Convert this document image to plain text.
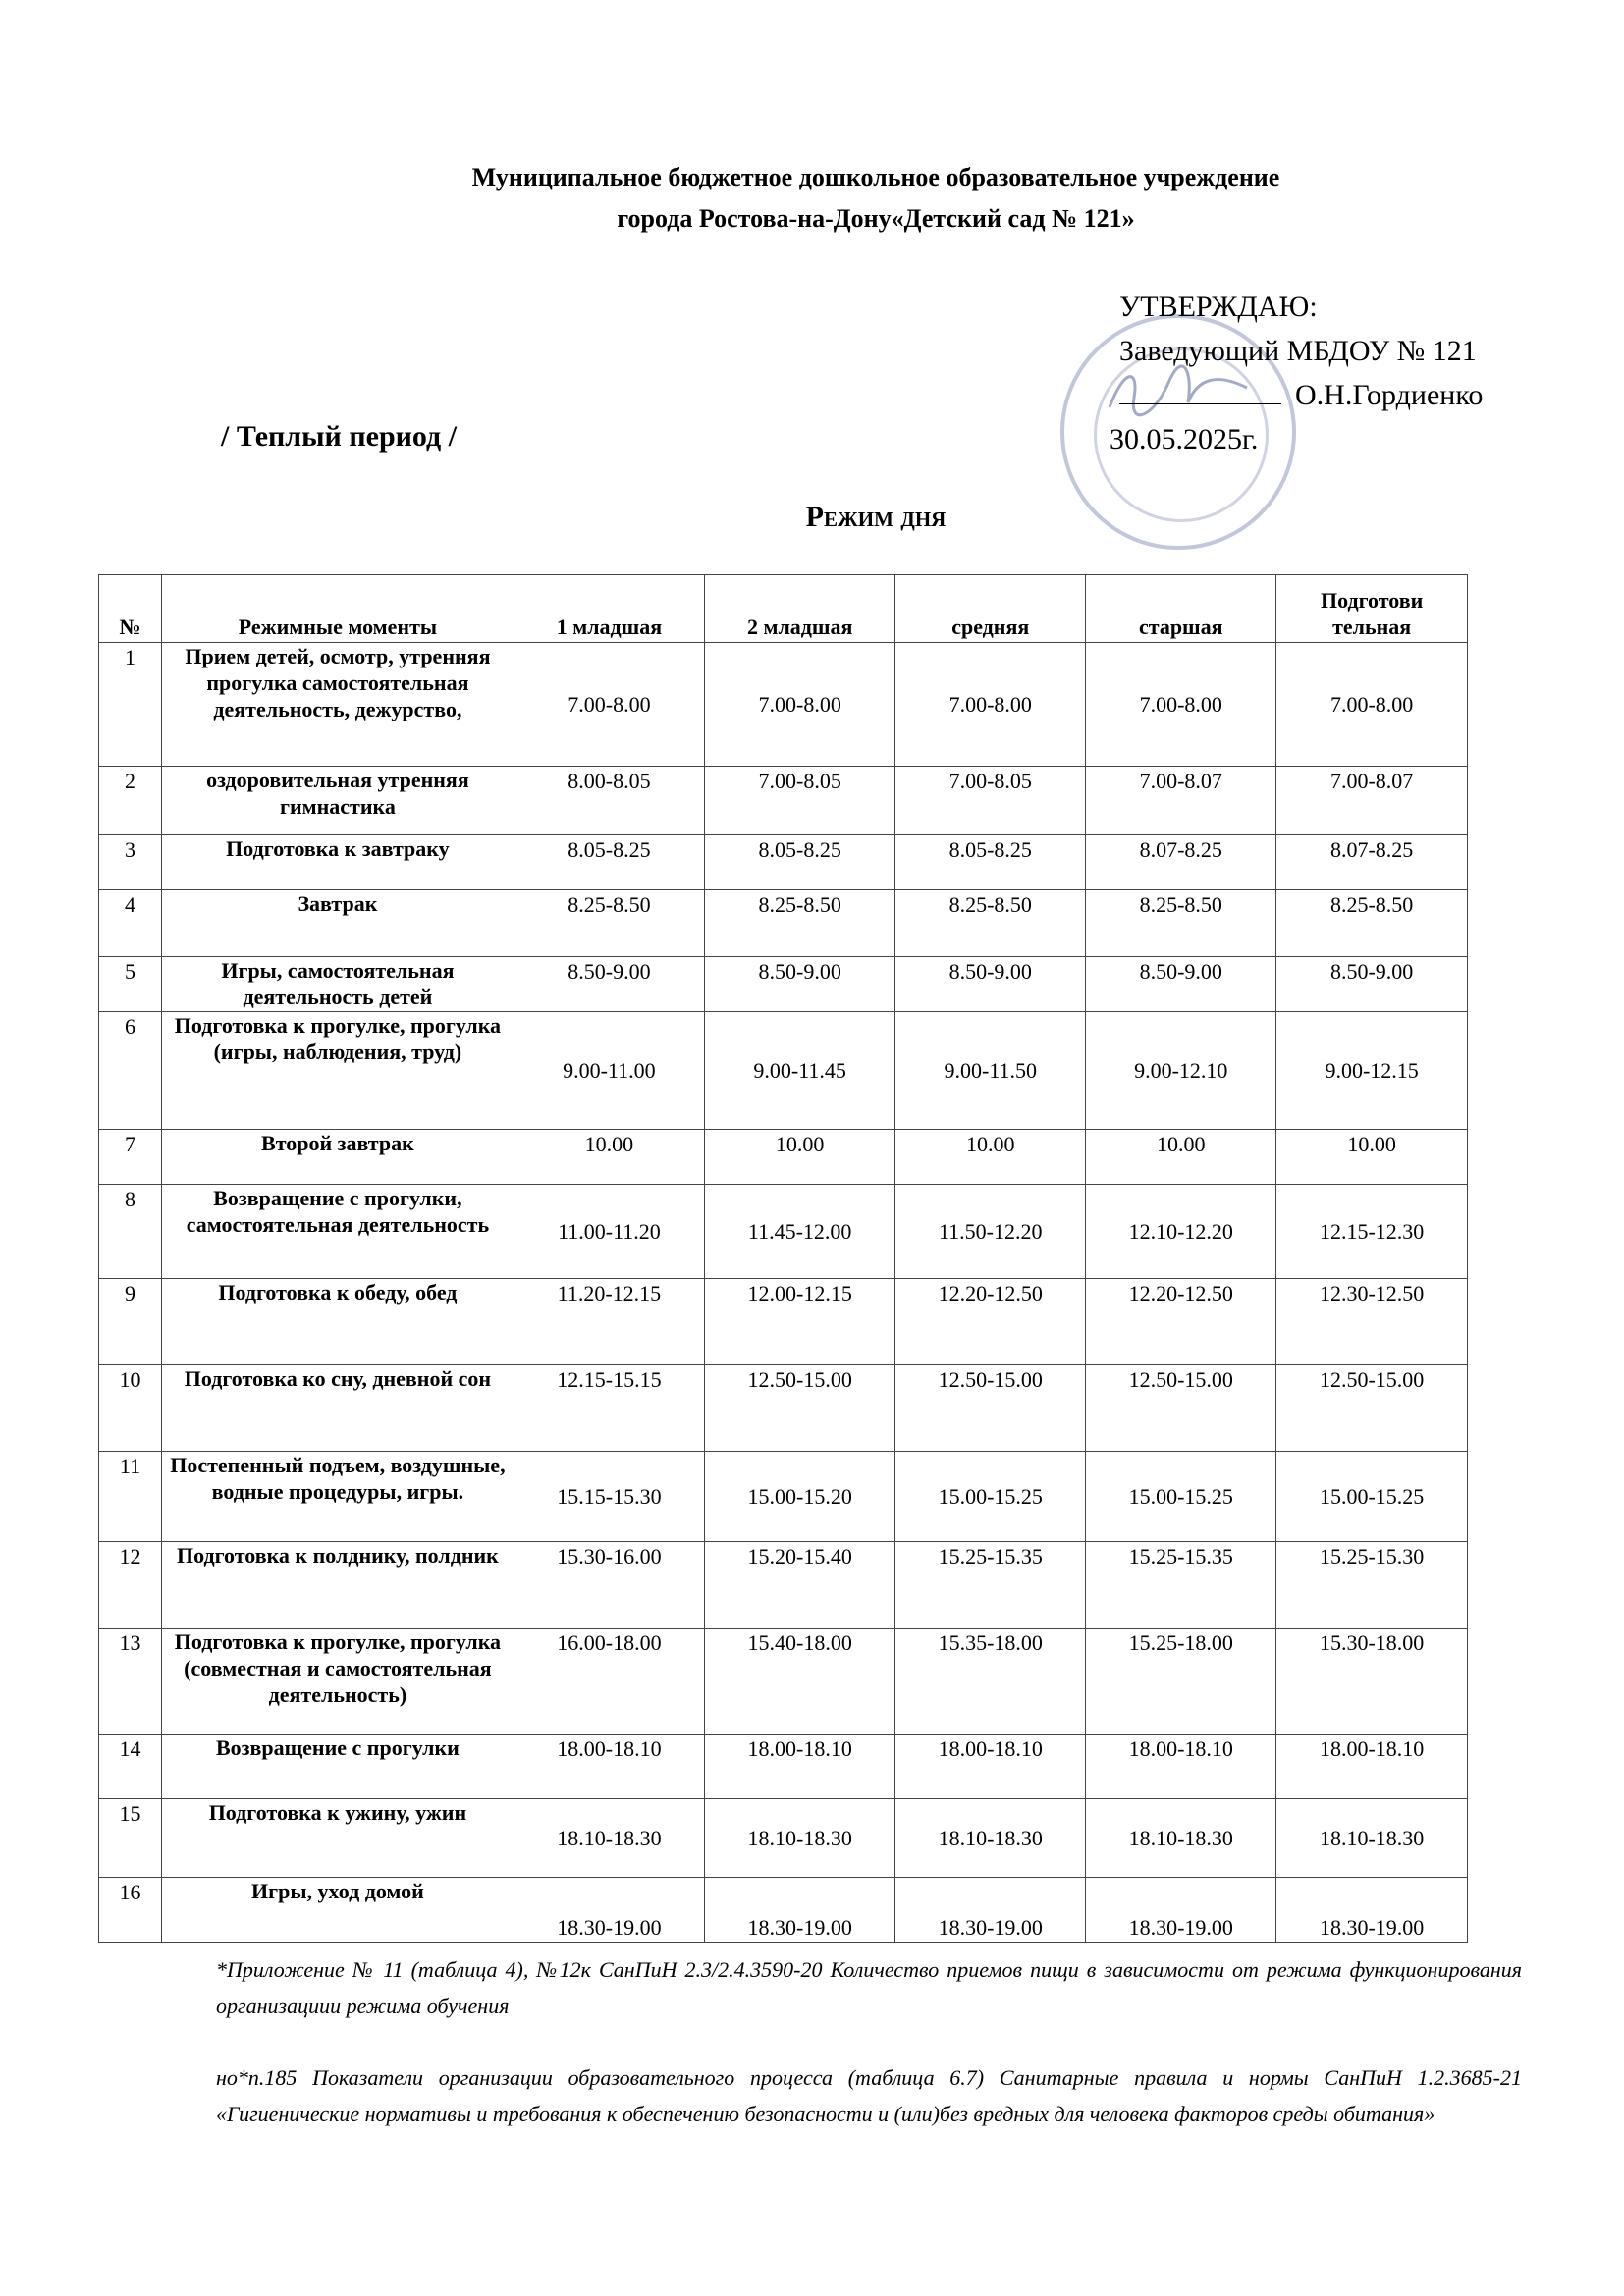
Муниципальное бюджетное дошкольное образовательное учреждение
города Ростова-на-Дону«Детский сад № 121»
УТВЕРЖДАЮ:
Заведующий МБДОУ № 121
О.Н.Гордиенко
30.05.2025г.
/ Теплый период /
Режим дня
№	Режимные моменты	1 младшая	2 младшая	средняя	старшая	Подготови тельная
1	Прием детей, осмотр, утренняя прогулка самостоятельная деятельность, дежурство,	7.00-8.00	7.00-8.00	7.00-8.00	7.00-8.00	7.00-8.00
2	оздоровительная утренняя гимнастика	8.00-8.05	7.00-8.05	7.00-8.05	7.00-8.07	7.00-8.07
3	Подготовка к завтраку	8.05-8.25	8.05-8.25	8.05-8.25	8.07-8.25	8.07-8.25
4	Завтрак	8.25-8.50	8.25-8.50	8.25-8.50	8.25-8.50	8.25-8.50
5	Игры, самостоятельная деятельность детей	8.50-9.00	8.50-9.00	8.50-9.00	8.50-9.00	8.50-9.00
6	Подготовка к прогулке, прогулка (игры, наблюдения, труд)	9.00-11.00	9.00-11.45	9.00-11.50	9.00-12.10	9.00-12.15
7	Второй завтрак	10.00	10.00	10.00	10.00	10.00
8	Возвращение с прогулки, самостоятельная деятельность	11.00-11.20	11.45-12.00	11.50-12.20	12.10-12.20	12.15-12.30
9	Подготовка к обеду, обед	11.20-12.15	12.00-12.15	12.20-12.50	12.20-12.50	12.30-12.50
10	Подготовка ко сну, дневной сон	12.15-15.15	12.50-15.00	12.50-15.00	12.50-15.00	12.50-15.00
11	Постепенный подъем, воздушные, водные процедуры, игры.	15.15-15.30	15.00-15.20	15.00-15.25	15.00-15.25	15.00-15.25
12	Подготовка к полднику, полдник	15.30-16.00	15.20-15.40	15.25-15.35	15.25-15.35	15.25-15.30
13	Подготовка к прогулке, прогулка (совместная и самостоятельная деятельность)	16.00-18.00	15.40-18.00	15.35-18.00	15.25-18.00	15.30-18.00
14	Возвращение с прогулки	18.00-18.10	18.00-18.10	18.00-18.10	18.00-18.10	18.00-18.10
15	Подготовка к ужину, ужин	18.10-18.30	18.10-18.30	18.10-18.30	18.10-18.30	18.10-18.30
16	Игры, уход домой	18.30-19.00	18.30-19.00	18.30-19.00	18.30-19.00	18.30-19.00
*Приложение № 11 (таблица 4), №12к СанПиН 2.3/2.4.3590-20 Количество приемов пищи в зависимости от режима функционирования организациии режима обучения
но*п.185 Показатели организации образовательного процесса (таблица 6.7) Санитарные правила и нормы СанПиН 1.2.3685-21 «Гигиенические нормативы и требования к обеспечению безопасности и (или)без вредных для человека факторов среды обитания»
